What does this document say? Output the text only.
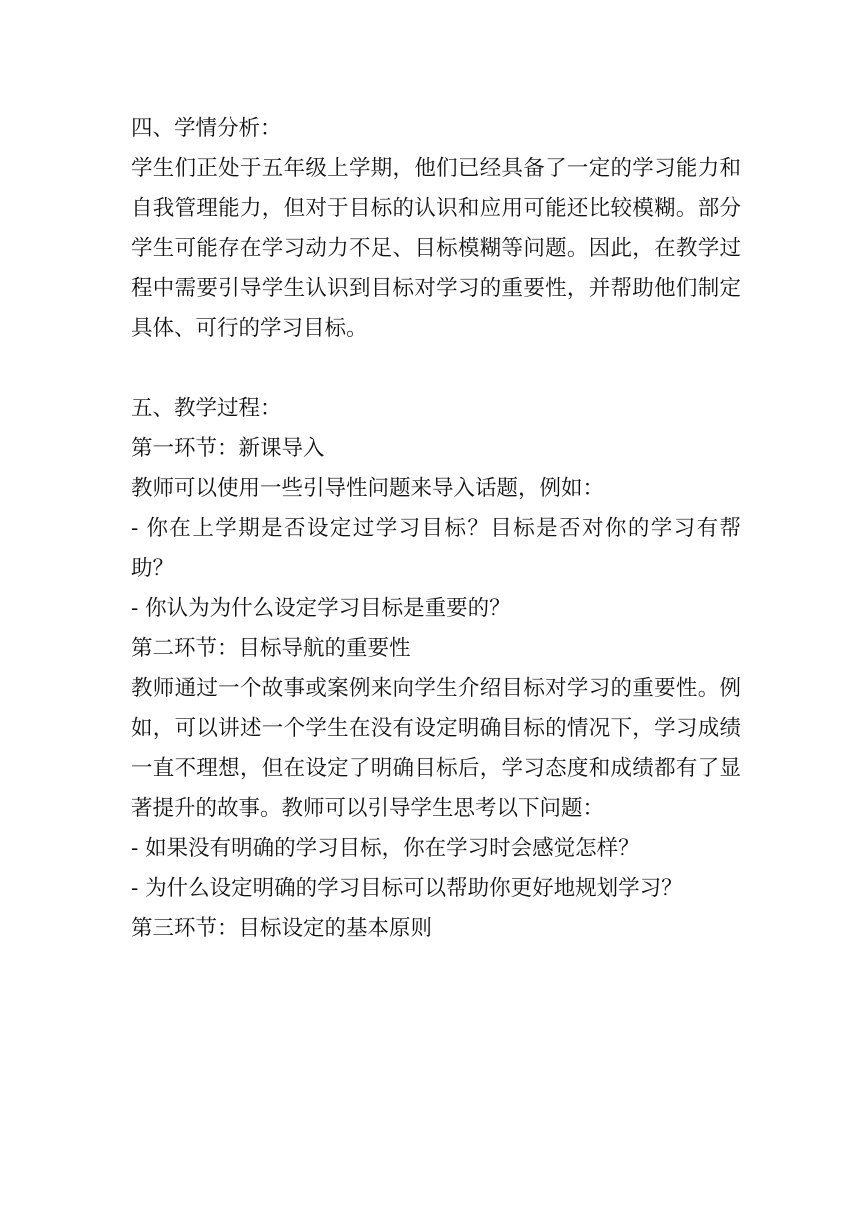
四、学情分析：

学生们正处于五年级上学期，他们已经具备了一定的学习能力和自我管理能力，但对于目标的认识和应用可能还比较模糊。部分学生可能存在学习动力不足、目标模糊等问题。因此，在教学过程中需要引导学生认识到目标对学习的重要性，并帮助他们制定具体、可行的学习目标。

五、教学过程：

第一环节：新课导入

教师可以使用一些引导性问题来导入话题，例如：

- 你在上学期是否设定过学习目标？目标是否对你的学习有帮助？

- 你认为为什么设定学习目标是重要的？

第二环节：目标导航的重要性

教师通过一个故事或案例来向学生介绍目标对学习的重要性。例如，可以讲述一个学生在没有设定明确目标的情况下，学习成绩一直不理想，但在设定了明确目标后，学习态度和成绩都有了显著提升的故事。教师可以引导学生思考以下问题：

- 如果没有明确的学习目标，你在学习时会感觉怎样？

- 为什么设定明确的学习目标可以帮助你更好地规划学习？

第三环节：目标设定的基本原则
